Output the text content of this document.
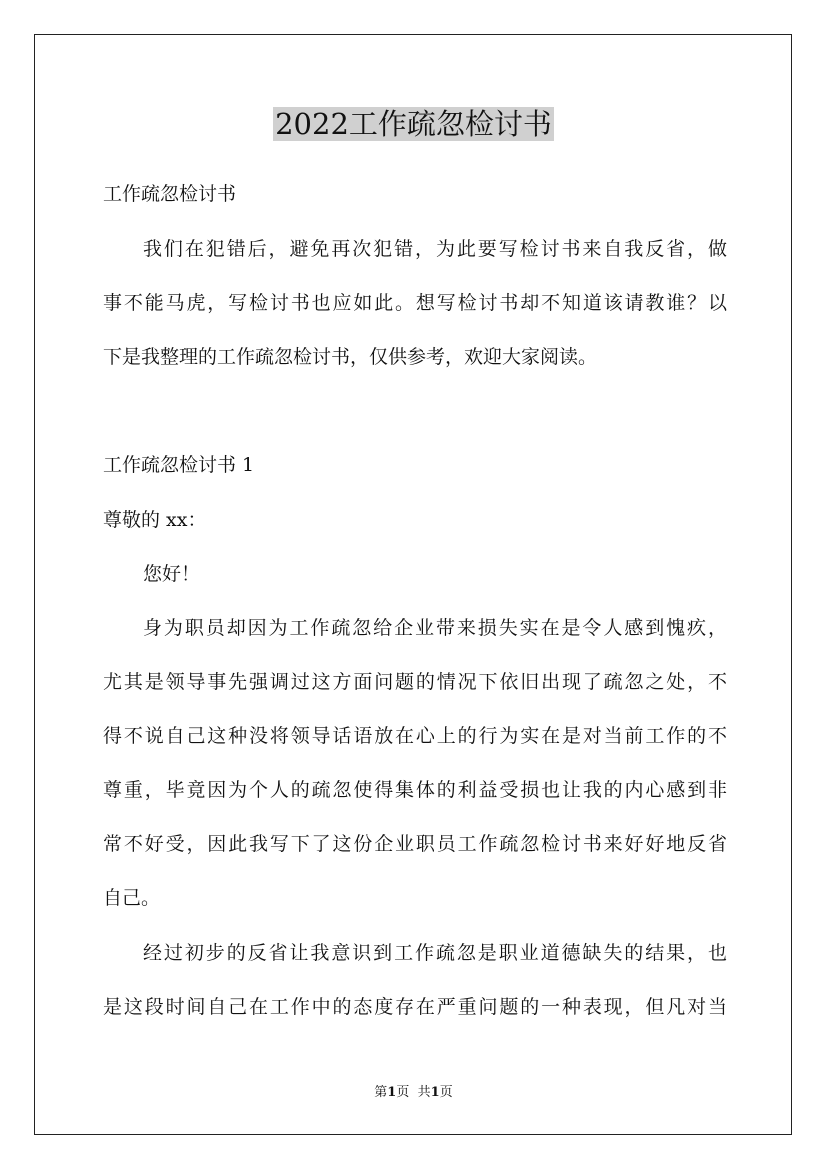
2022工作疏忽检讨书
工作疏忽检讨书
我们在犯错后，避免再次犯错，为此要写检讨书来自我反省，做
事不能马虎，写检讨书也应如此。想写检讨书却不知道该请教谁？以
下是我整理的工作疏忽检讨书，仅供参考，欢迎大家阅读。
工作疏忽检讨书 1
尊敬的 xx：
您好！
身为职员却因为工作疏忽给企业带来损失实在是令人感到愧疚，
尤其是领导事先强调过这方面问题的情况下依旧出现了疏忽之处，不
得不说自己这种没将领导话语放在心上的行为实在是对当前工作的不
尊重，毕竟因为个人的疏忽使得集体的利益受损也让我的内心感到非
常不好受，因此我写下了这份企业职员工作疏忽检讨书来好好地反省
自己。
经过初步的反省让我意识到工作疏忽是职业道德缺失的结果，也
是这段时间自己在工作中的态度存在严重问题的一种表现，但凡对当
第1页 共1页
